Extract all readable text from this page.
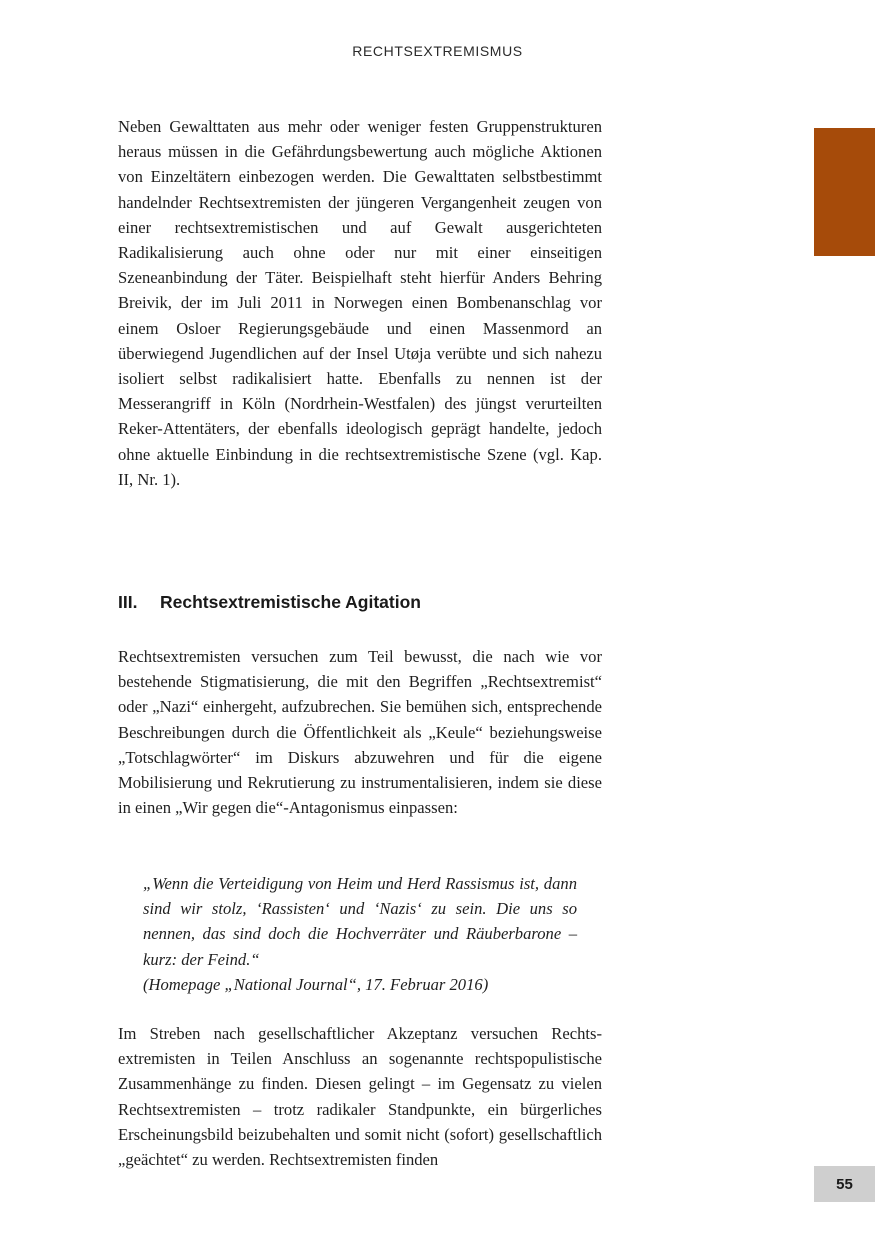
RECHTSEXTREMISMUS

Neben Gewalttaten aus mehr oder weniger festen Gruppenstrukturen heraus müssen in die Gefährdungsbewertung auch mögliche Aktionen von Einzeltätern einbezogen werden. Die Gewalttaten selbstbestimmt handelnder Rechtsextremisten der jüngeren Vergangenheit zeugen von einer rechtsextremistischen und auf Gewalt ausgerichteten Radikalisierung auch ohne oder nur mit einer einseitigen Szeneanbindung der Täter. Beispielhaft steht hierfür Anders Behring Breivik, der im Juli 2011 in Norwegen einen Bombenanschlag vor einem Osloer Regierungsgebäude und einen Massenmord an überwiegend Jugendlichen auf der Insel Utøja verübte und sich nahezu isoliert selbst radikalisiert hatte. Ebenfalls zu nennen ist der Messerangriff in Köln (Nordrhein-Westfalen) des jüngst verurteilten Reker-Attentäters, der ebenfalls ideologisch geprägt handelte, jedoch ohne aktuelle Einbindung in die rechtsextremistische Szene (vgl. Kap. II, Nr. 1).

III. Rechtsextremistische Agitation

Rechtsextremisten versuchen zum Teil bewusst, die nach wie vor bestehende Stigmatisierung, die mit den Begriffen „Rechtsextremist“ oder „Nazi“ einhergeht, aufzubrechen. Sie bemühen sich, entsprechende Beschreibungen durch die Öffentlichkeit als „Keule“ beziehungsweise „Totschlagwörter“ im Diskurs abzuwehren und für die eigene Mobilisierung und Rekrutierung zu instrumentalisieren, indem sie diese in einen „Wir gegen die“-Antagonismus einpassen:

„Wenn die Verteidigung von Heim und Herd Rassismus ist, dann sind wir stolz, ‘Rassisten‘ und ‘Nazis‘ zu sein. Die uns so nennen, das sind doch die Hochverräter und Räuberbarone – kurz: der Feind.“
(Homepage „National Journal“, 17. Februar 2016)

Im Streben nach gesellschaftlicher Akzeptanz versuchen Rechtsextremisten in Teilen Anschluss an sogenannte rechtspopulistische Zusammenhänge zu finden. Diesen gelingt – im Gegensatz zu vielen Rechtsextremisten – trotz radikaler Standpunkte, ein bürgerliches Erscheinungsbild beizubehalten und somit nicht (sofort) gesellschaftlich „geächtet“ zu werden. Rechtsextremisten finden

55
